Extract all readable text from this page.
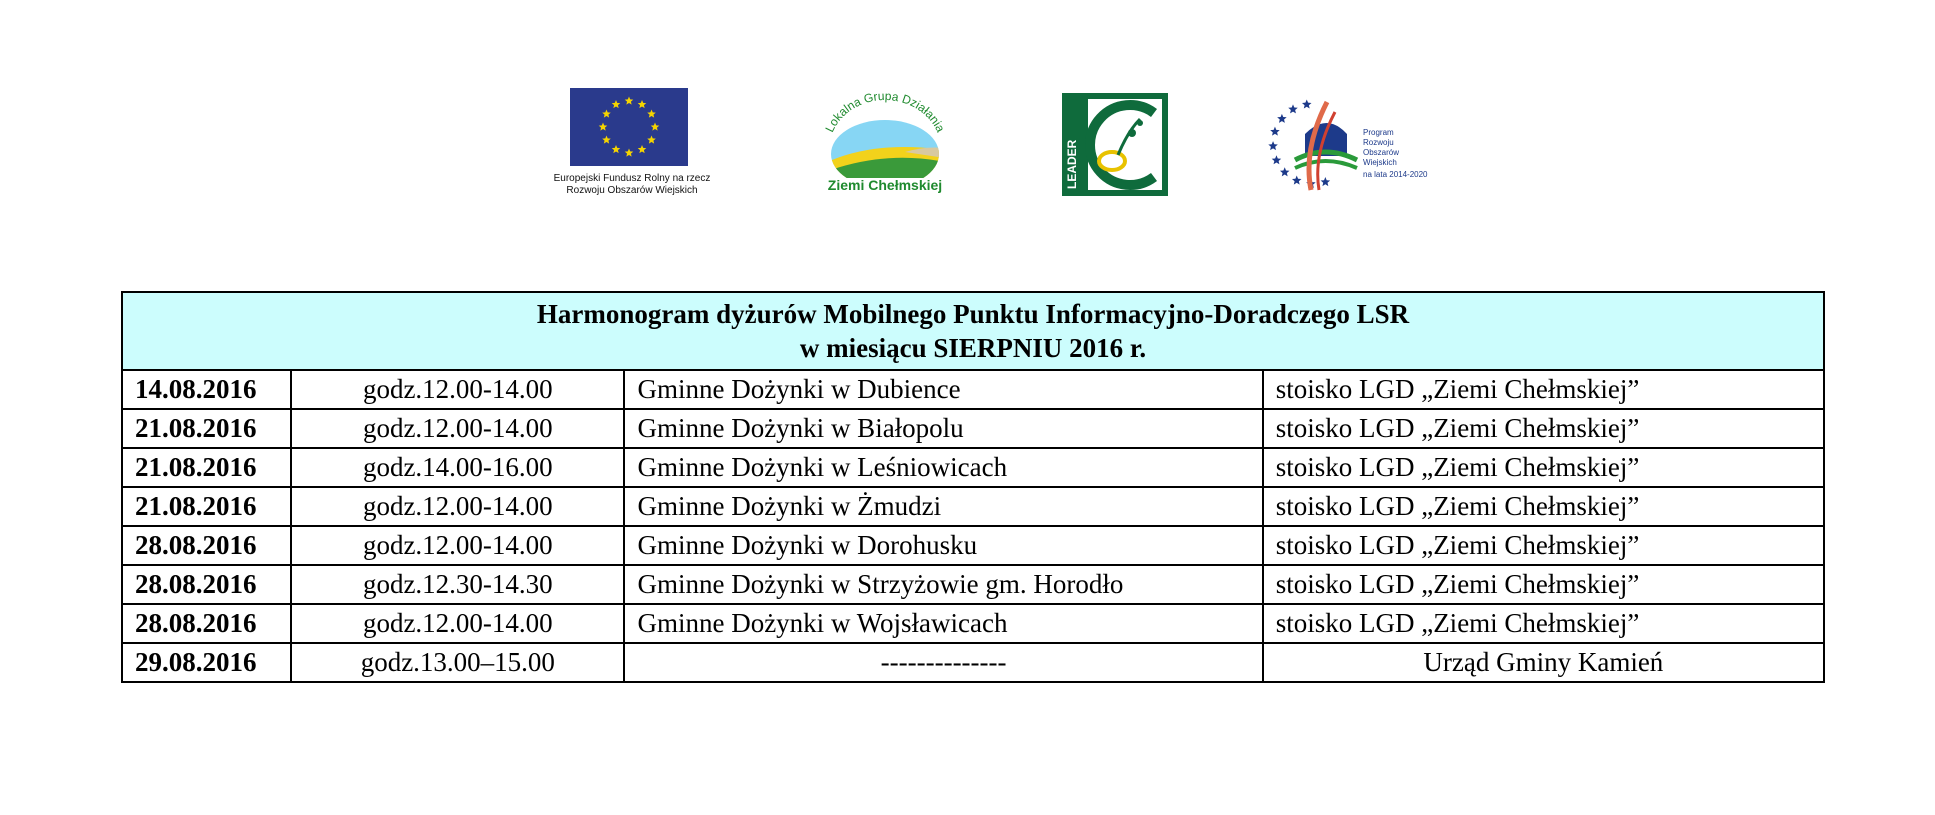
Europejski Fundusz Rolny na rzecz
Rozwoju Obszarów Wiejskich
Lokalna Grupa Działania
Ziemi Chełmskiej	LEADER
Program
Rozwoju
Obszarów
Wiejskich
na lata 2014-2020
Harmonogram dyżurów Mobilnego Punktu Informacyjno-Doradczego LSR
w miesiącu SIERPNIU 2016 r.			

14.08.2016	godz.12.00-14.00	Gminne Dożynki w Dubience	stoisko LGD „Ziemi Chełmskiej”
21.08.2016	godz.12.00-14.00	Gminne Dożynki w Białopolu	stoisko LGD „Ziemi Chełmskiej”
21.08.2016	godz.14.00-16.00	Gminne Dożynki w Leśniowicach	stoisko LGD „Ziemi Chełmskiej”
21.08.2016	godz.12.00-14.00	Gminne Dożynki w Żmudzi	stoisko LGD „Ziemi Chełmskiej”
28.08.2016	godz.12.00-14.00	Gminne Dożynki w Dorohusku	stoisko LGD „Ziemi Chełmskiej”
28.08.2016	godz.12.30-14.30	Gminne Dożynki w Strzyżowie gm. Horodło	stoisko LGD „Ziemi Chełmskiej”
28.08.2016	godz.12.00-14.00	Gminne Dożynki w Wojsławicach	stoisko LGD „Ziemi Chełmskiej”
29.08.2016	godz.13.00–15.00	--------------	Urząd Gminy Kamień
